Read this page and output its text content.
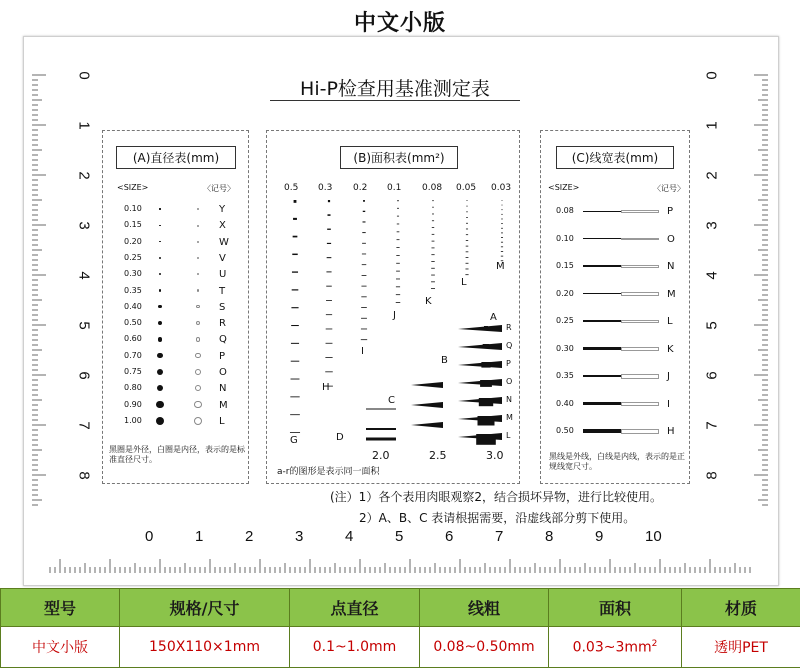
中文小版
0
1
2
3
4
5
6
7
8
0
1
2
3
4
5
6
7
8
0	1	2	3	4	5	6	7	8	9	10
Hi-P检查用基准测定表
(A)直径表(mm)
<SIZE>	〈记号〉
0.10	Y
0.15	X
0.20	W
0.25	V
0.30	U
0.35	T
0.40	S
0.50	R
0.60	Q
0.70	P
0.75	O
0.80	N
0.90	M
1.00	L
黑圈是外径，白圈是内径，表示的是标准直径尺寸。
(B)面积表(mm²)
0.5 0.3 0.2 0.1 0.08 0.05 0.03
G
H
I
J
K
L
M
R
Q
P
O
N
M
L
2.0	2.5	3.0
D
C
B
A
a-r的图形是表示同一面积
(C)线宽表(mm)
<SIZE>	〈记号〉
0.08	P
0.10	O
0.15	N
0.20	M
0.25	L
0.30	K
0.35	J
0.40	I
0.50	H
黑线是外线，白线是内线，表示的是正规线宽尺寸。
(注）1）各个表用肉眼观察2，结合损坏异物，进行比较使用。
2）A、B、C 表请根据需要，沿虚线部分剪下使用。
型号	规格/尺寸	点直径	线粗	面积	材质
中文小版	150X110×1mm	0.1~1.0mm	0.08~0.50mm	$0.03\sim 3mm^2$	透明PET
